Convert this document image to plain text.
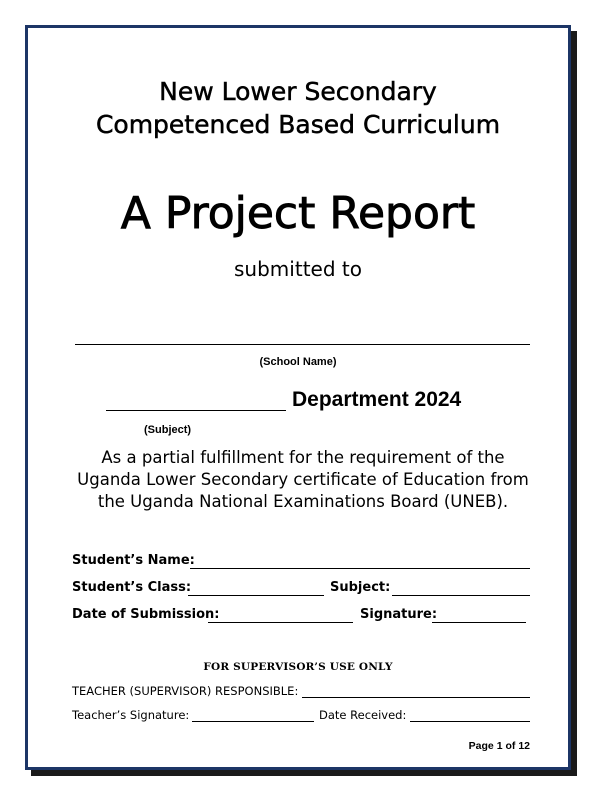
New Lower Secondary
Competenced Based Curriculum
A Project Report
submitted to
(School Name)
Department 2024
(Subject)
As a partial fulfillment for the requirement of the
Uganda Lower Secondary certificate of Education from
the Uganda National Examinations Board (UNEB).
Student’s Name:
Student’s Class:	Subject:
Date of Submission:	Signature:
FOR SUPERVISOR’S USE ONLY
TEACHER (SUPERVISOR) RESPONSIBLE:
Teacher’s Signature:	Date Received:
Page 1 of 12
